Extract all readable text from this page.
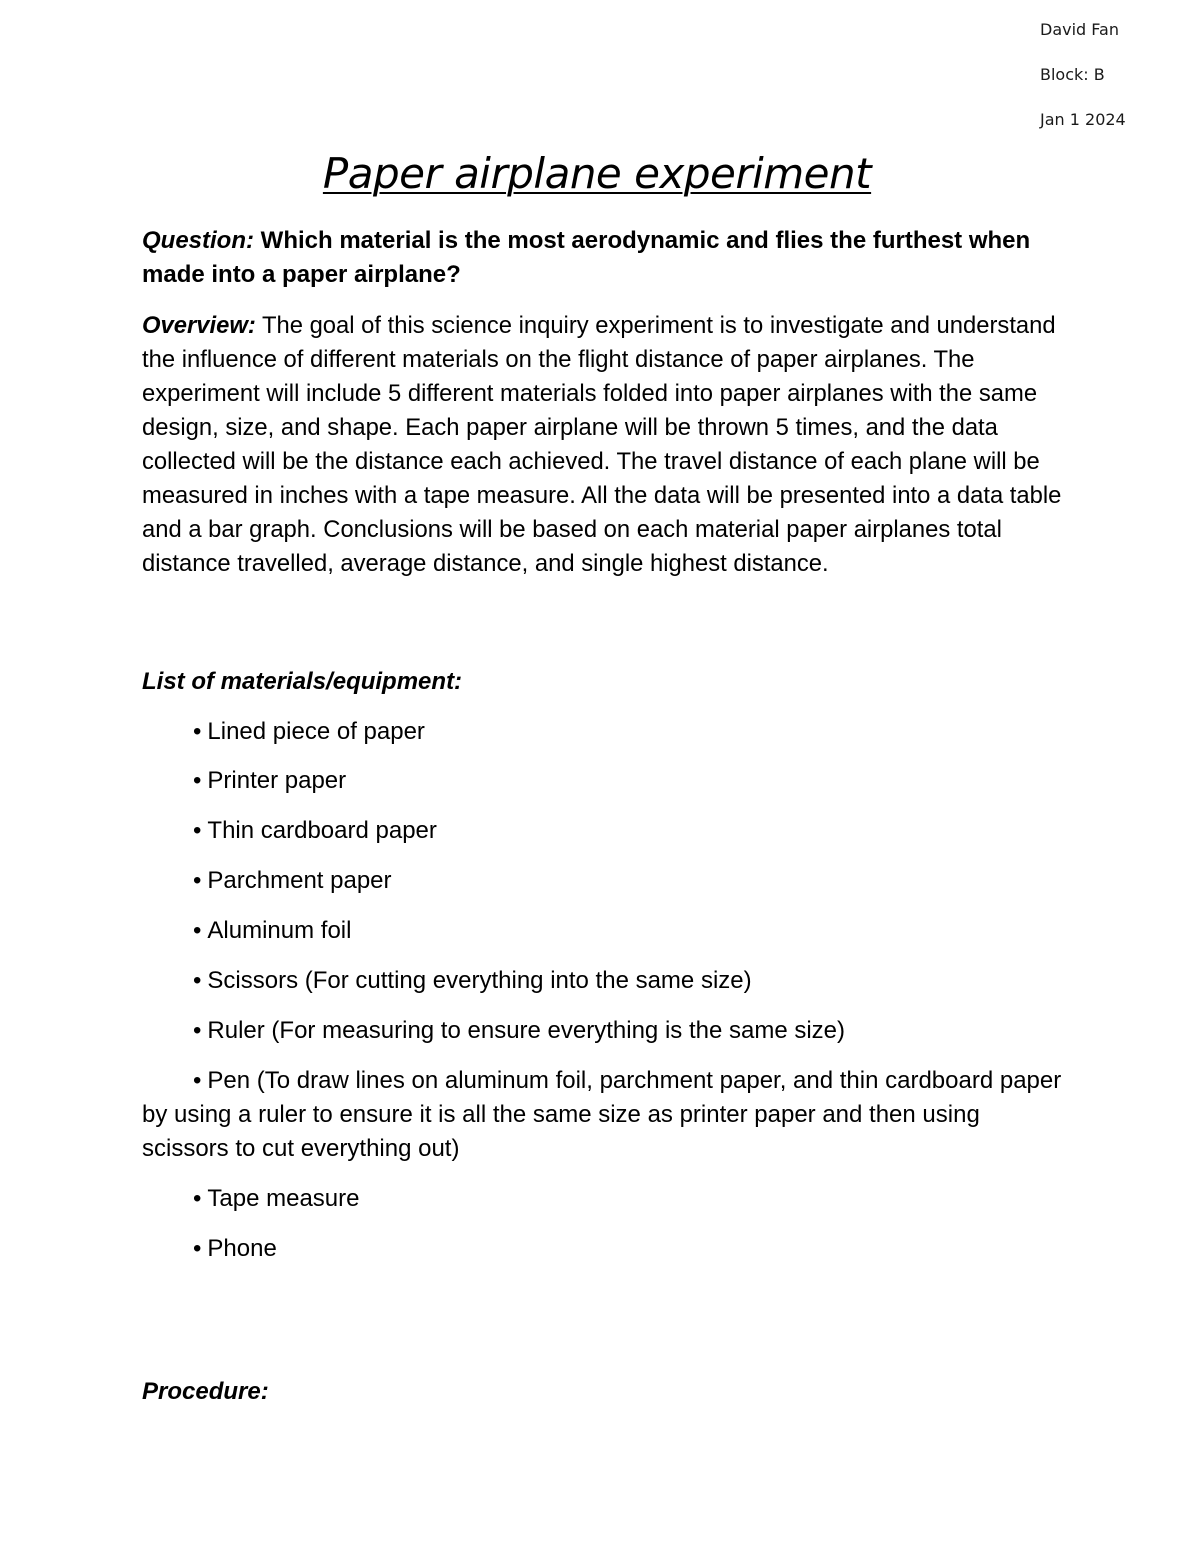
David Fan
Block: B
Jan 1 2024
Paper airplane experiment
Question: Which material is the most aerodynamic and flies the furthest when made into a paper airplane?
Overview: The goal of this science inquiry experiment is to investigate and understand the influence of different materials on the flight distance of paper airplanes. The experiment will include 5 different materials folded into paper airplanes with the same design, size, and shape. Each paper airplane will be thrown 5 times, and the data collected will be the distance each achieved. The travel distance of each plane will be measured in inches with a tape measure. All the data will be presented into a data table and a bar graph. Conclusions will be based on each material paper airplanes total distance travelled, average distance, and single highest distance.
List of materials/equipment:
• Lined piece of paper
• Printer paper
• Thin cardboard paper
• Parchment paper
• Aluminum foil
• Scissors (For cutting everything into the same size)
• Ruler (For measuring to ensure everything is the same size)
• Pen (To draw lines on aluminum foil, parchment paper, and thin cardboard paper by using a ruler to ensure it is all the same size as printer paper and then using scissors to cut everything out)
• Tape measure
• Phone
Procedure:
